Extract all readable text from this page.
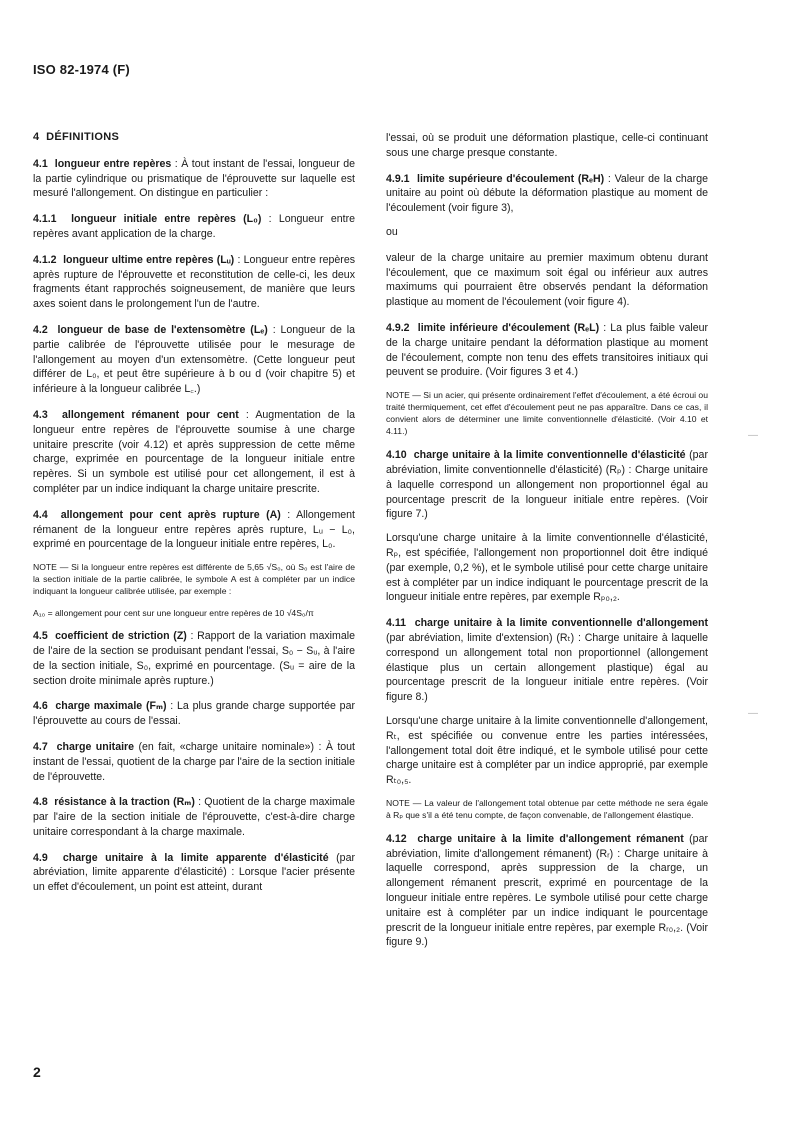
ISO 82-1974 (F)

4 DÉFINITIONS

4.1 longueur entre repères : À tout instant de l'essai, longueur de la partie cylindrique ou prismatique de l'éprouvette sur laquelle est mesuré l'allongement. On distingue en particulier :

4.1.1 longueur initiale entre repères (L₀) : Longueur entre repères avant application de la charge.

4.1.2 longueur ultime entre repères (Lᵤ) : Longueur entre repères après rupture de l'éprouvette et reconstitution de celle-ci, les deux fragments étant rapprochés soigneusement, de manière que leurs axes soient dans le prolongement l'un de l'autre.

4.2 longueur de base de l'extensomètre (Lₑ) : Longueur de la partie calibrée de l'éprouvette utilisée pour le mesurage de l'allongement au moyen d'un extensomètre. (Cette longueur peut différer de L₀, et peut être supérieure à b ou d (voir chapitre 5) et inférieure à la longueur calibrée L꜀.)

4.3 allongement rémanent pour cent : Augmentation de la longueur entre repères de l'éprouvette soumise à une charge unitaire prescrite (voir 4.12) et après suppression de cette même charge, exprimée en pourcentage de la longueur initiale entre repères. Si un symbole est utilisé pour cet allongement, il est à compléter par un indice indiquant la charge unitaire prescrite.

4.4 allongement pour cent après rupture (A) : Allongement rémanent de la longueur entre repères après rupture, Lᵤ − L₀, exprimé en pourcentage de la longueur initiale entre repères, L₀.

NOTE — Si la longueur entre repères est différente de 5,65 √S₀, où S₀ est l'aire de la section initiale de la partie calibrée, le symbole A est à compléter par un indice indiquant la longueur calibrée utilisée, par exemple :

A₁₀ = allongement pour cent sur une longueur entre repères de 10 √4S₀/π

4.5 coefficient de striction (Z) : Rapport de la variation maximale de l'aire de la section se produisant pendant l'essai, S₀ − Sᵤ, à l'aire de la section initiale, S₀, exprimé en pourcentage. (Sᵤ = aire de la section droite minimale après rupture.)

4.6 charge maximale (Fₘ) : La plus grande charge supportée par l'éprouvette au cours de l'essai.

4.7 charge unitaire (en fait, «charge unitaire nominale») : À tout instant de l'essai, quotient de la charge par l'aire de la section initiale de l'éprouvette.

4.8 résistance à la traction (Rₘ) : Quotient de la charge maximale par l'aire de la section initiale de l'éprouvette, c'est-à-dire charge unitaire correspondant à la charge maximale.

4.9 charge unitaire à la limite apparente d'élasticité (par abréviation, limite apparente d'élasticité) : Lorsque l'acier présente un effet d'écoulement, un point est atteint, durant

l'essai, où se produit une déformation plastique, celle-ci continuant sous une charge presque constante.

4.9.1 limite supérieure d'écoulement (RₑH) : Valeur de la charge unitaire au point où débute la déformation plastique au moment de l'écoulement (voir figure 3),

ou

valeur de la charge unitaire au premier maximum obtenu durant l'écoulement, que ce maximum soit égal ou inférieur aux autres maximums qui pourraient être observés pendant la déformation plastique au moment de l'écoulement (voir figure 4).

4.9.2 limite inférieure d'écoulement (RₑL) : La plus faible valeur de la charge unitaire pendant la déformation plastique au moment de l'écoulement, compte non tenu des effets transitoires initiaux qui peuvent se produire. (Voir figures 3 et 4.)

NOTE — Si un acier, qui présente ordinairement l'effet d'écoulement, a été écroui ou traité thermiquement, cet effet d'écoulement peut ne pas apparaître. Dans ce cas, il convient alors de déterminer une limite conventionnelle d'élasticité. (Voir 4.10 et 4.11.)

4.10 charge unitaire à la limite conventionnelle d'élasticité (par abréviation, limite conventionnelle d'élasticité) (Rₚ) : Charge unitaire à laquelle correspond un allongement non proportionnel égal au pourcentage prescrit de la longueur initiale entre repères. (Voir figure 7.)

Lorsqu'une charge unitaire à la limite conventionnelle d'élasticité, Rₚ, est spécifiée, l'allongement non proportionnel doit être indiqué (par exemple, 0,2 %), et le symbole utilisé pour cette charge unitaire est à compléter par un indice indiquant le pourcentage prescrit de la longueur initiale entre repères, par exemple Rₚ₀,₂.

4.11 charge unitaire à la limite conventionnelle d'allongement (par abréviation, limite d'extension) (Rₜ) : Charge unitaire à laquelle correspond un allongement total non proportionnel (allongement élastique plus un certain allongement plastique) égal au pourcentage prescrit de la longueur initiale entre repères. (Voir figure 8.)

Lorsqu'une charge unitaire à la limite conventionnelle d'allongement, Rₜ, est spécifiée ou convenue entre les parties intéressées, l'allongement total doit être indiqué, et le symbole utilisé pour cette charge unitaire est à compléter par un indice approprié, par exemple Rₜ₀,₅.

NOTE — La valeur de l'allongement total obtenue par cette méthode ne sera égale à Rₚ que s'il a été tenu compte, de façon convenable, de l'allongement élastique.

4.12 charge unitaire à la limite d'allongement rémanent (par abréviation, limite d'allongement rémanent) (Rᵣ) : Charge unitaire à laquelle correspond, après suppression de la charge, un allongement rémanent prescrit, exprimé en pourcentage de la longueur initiale entre repères. Le symbole utilisé pour cette charge unitaire est à compléter par un indice indiquant le pourcentage prescrit de la longueur initiale entre repères, par exemple Rᵣ₀,₂. (Voir figure 9.)

—
—
2
